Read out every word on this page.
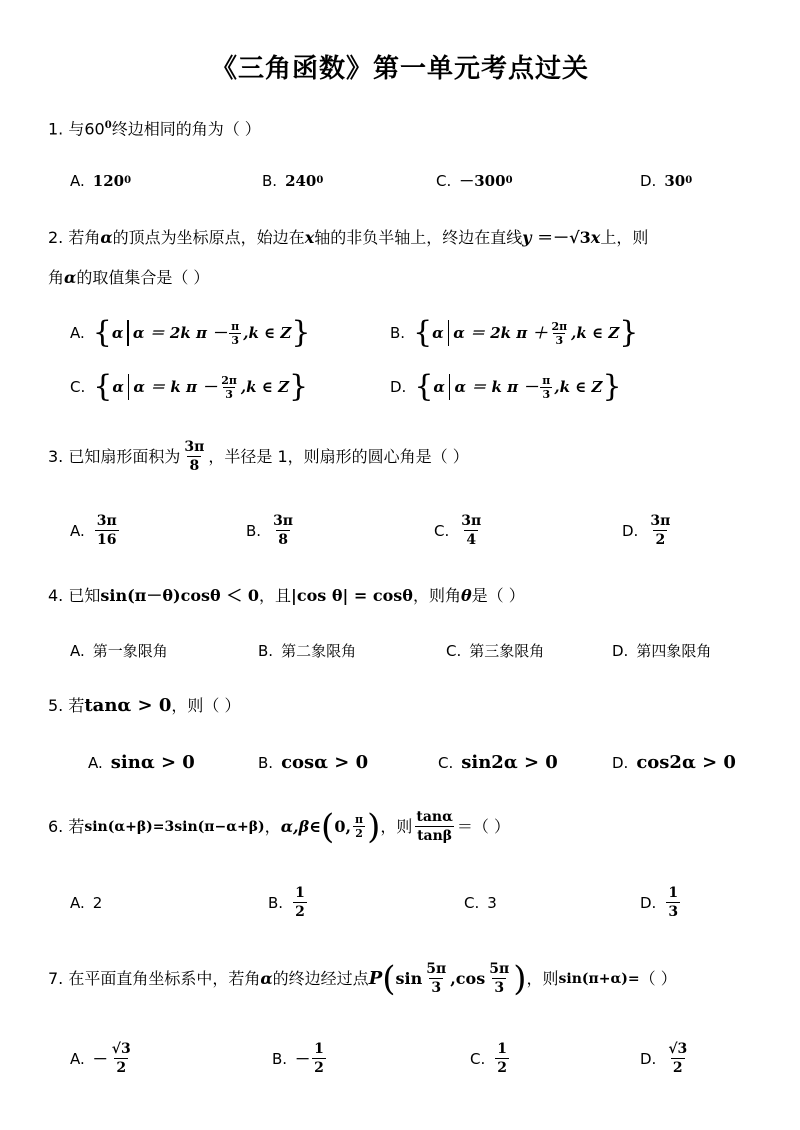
《三角函数》第一单元考点过关
1. 与$60^0$终边相同的角为（ ）
A. 120 0	B. 240 0	C. －300 0	D. 30 0
2. 若角α的顶点为坐标原点，始边在x轴的非负半轴上，终边在直线y ＝－√3x上，则
角α的取值集合是（ ）
A. { α α ＝ 2k $\pi - \frac{\pi}{3} ,k$ ∈ Z }	B. { α α ＝ 2k $\pi + \frac{2\pi}{3} ,k$ ∈ Z }
C. { α α ＝ k $\pi - \frac{2\pi}{3} ,k$ ∈ Z }	D. { α α ＝ k $\pi - \frac{\pi}{3} ,k$ ∈ Z }
3. 已知扇形面积为 $\frac{3\pi}{8}$ ，半径是 1，则扇形的圆心角是（ ）
A. $\frac{3\pi}{16}$	B. $\frac{3\pi}{8}$	C. $\frac{3\pi}{4}$	D. $\frac{3\pi}{2}$
4. 已知sin(π－θ)cosθ ＜ 0，且|cos θ| = cosθ，则角θ是（ ）
A. 第一象限角	B. 第二象限角	C. 第三象限角	D. 第四象限角
5. 若tanα > 0，则（ ）
A. sinα > 0	B. cosα > 0	C. sin2α > 0	D. cos2α > 0
6. 若 sin(α+β)=3sin(π−α+β) ， α,β∈ ( 0, $\frac{\pi}{2}$ ) ，则 $\frac{\tan\alpha}{\tan\beta}$ ＝（ ）
A. 2	B. $\frac{1}{2}$	C. 3	D. $\frac{1}{3}$
7. 在平面直角坐标系中，若角 α 的终边经过点 P ( $\sin \frac{5\pi}{3} ,\cos \frac{5\pi}{3}$ ) ，则 sin(π+α)= （ ）
A. － $\frac{√3}{2}$	B. － $\frac{1}{2}$	C. $\frac{1}{2}$	D. $\frac{√3}{2}$
